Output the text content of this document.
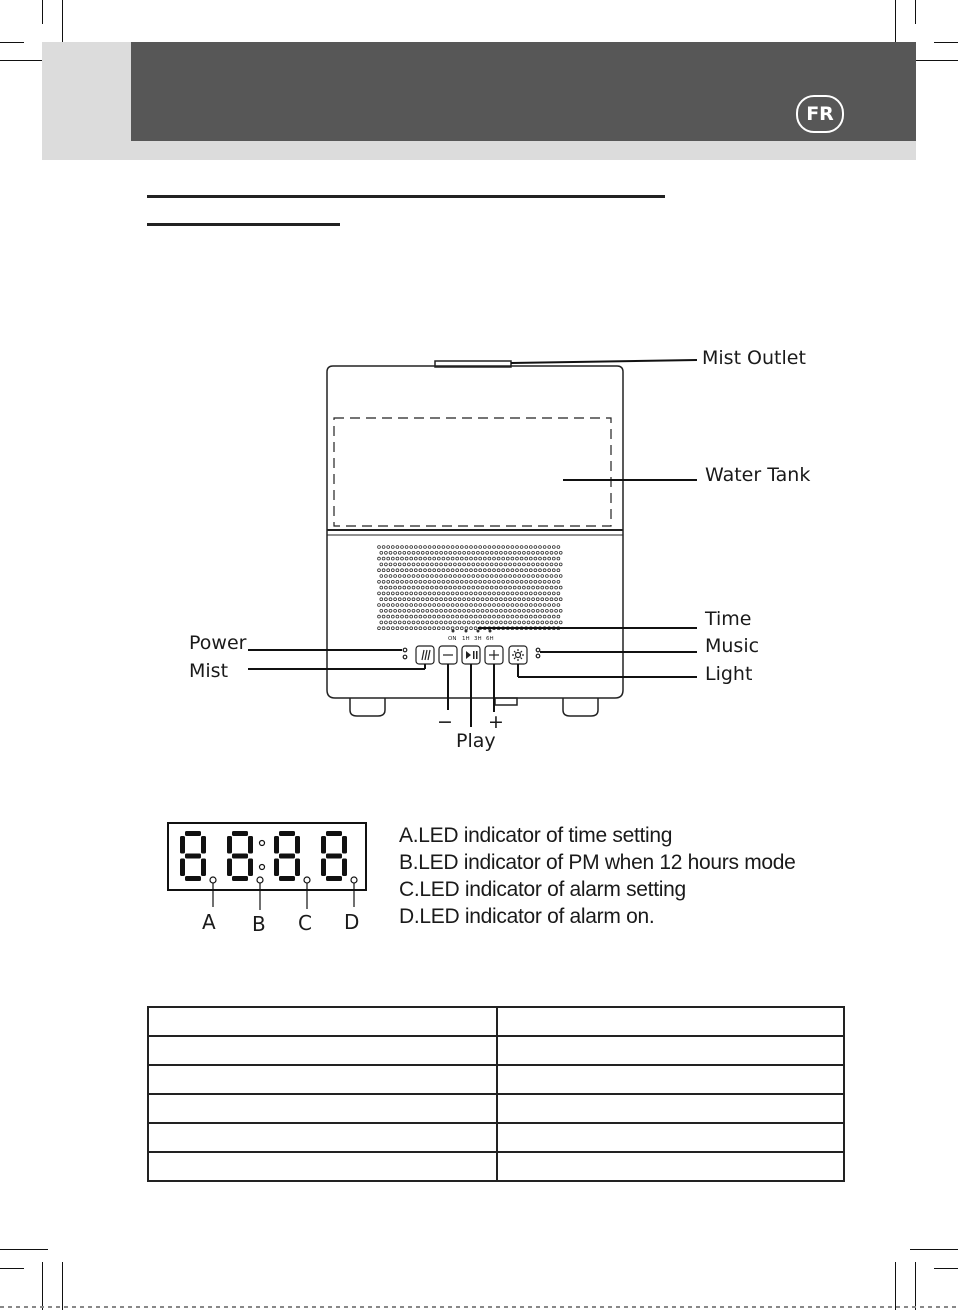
FR
ON 1H 3H 6H
Mist Outlet
Water Tank
Time
Music
Light
Power
Mist
− +
Play
A B C D
A.LED indicator of time setting
B.LED indicator of PM when 12 hours mode
C.LED indicator of alarm setting
D.LED indicator of alarm on.
